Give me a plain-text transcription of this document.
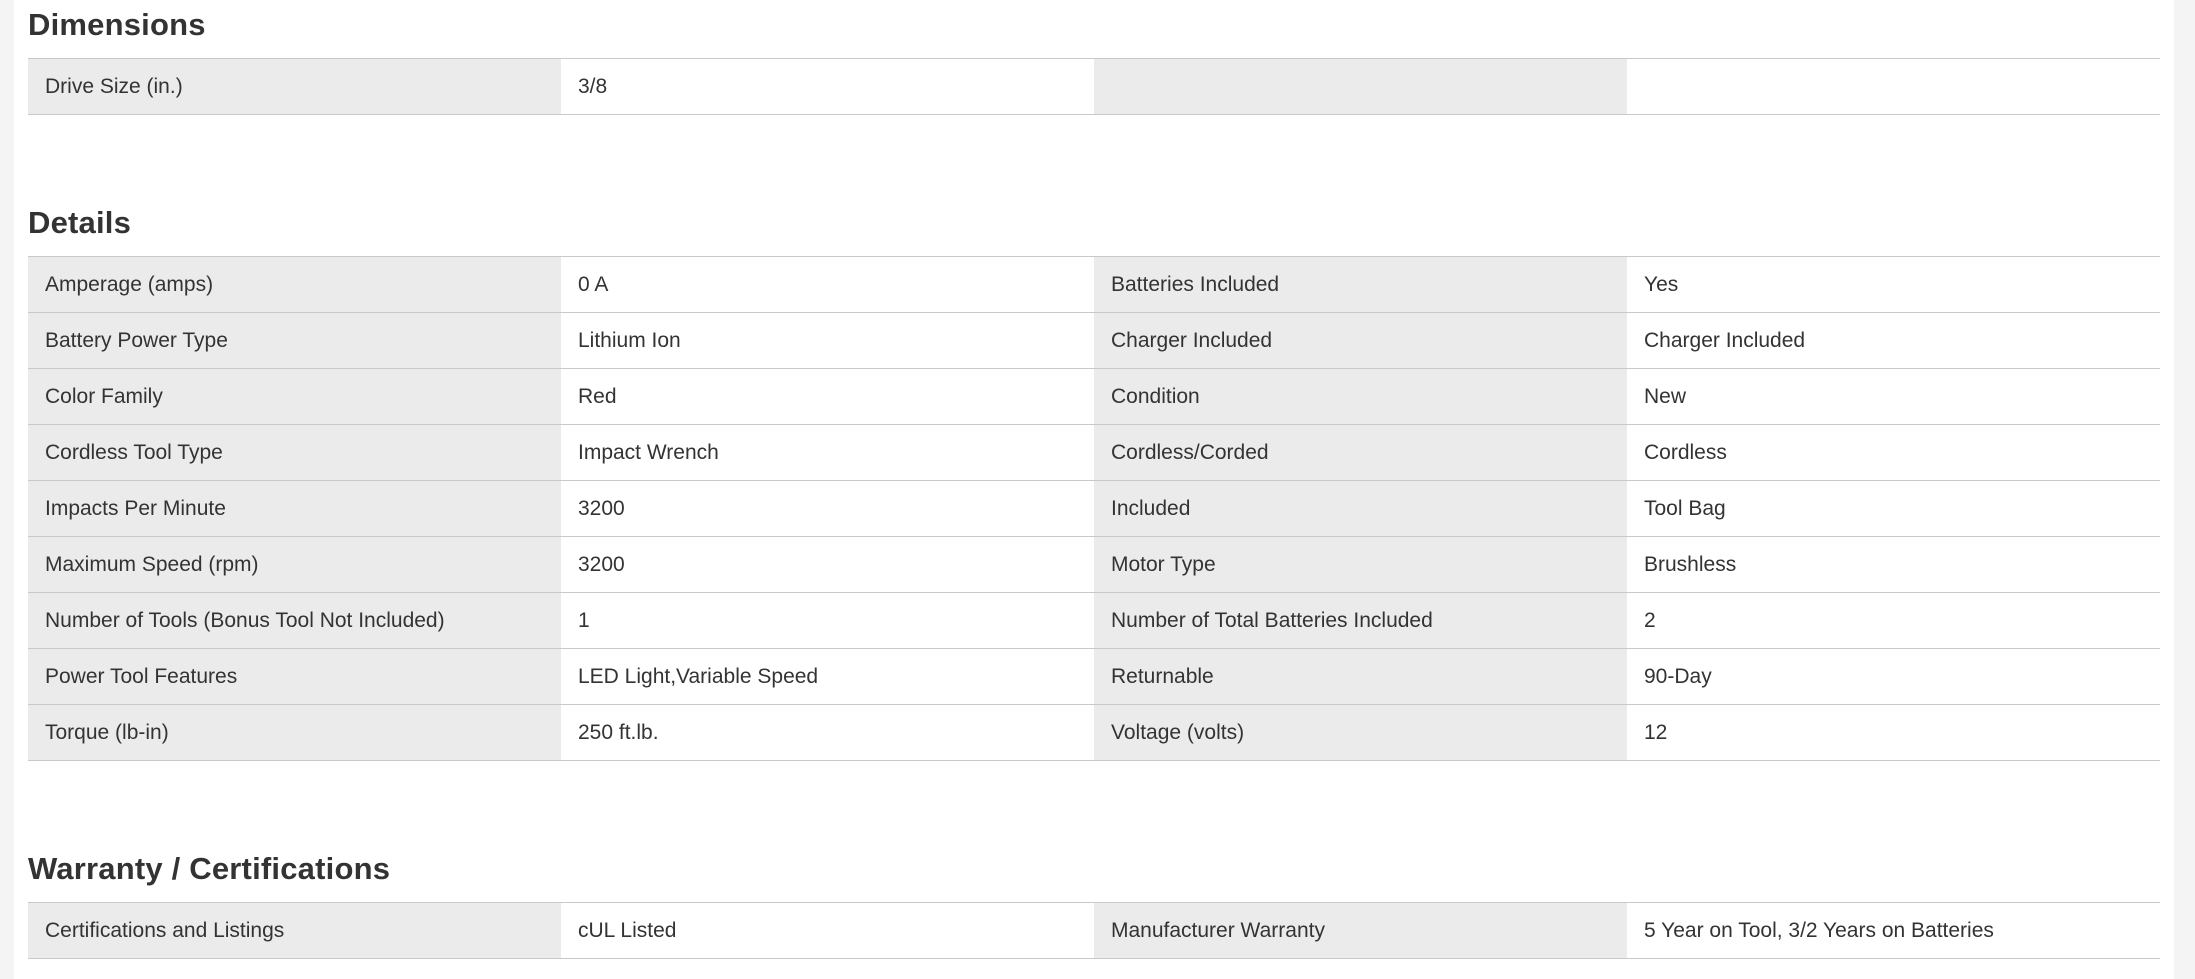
Dimensions
Drive Size (in.)	3/8		
Details
Amperage (amps)	0 A	Batteries Included	Yes
Battery Power Type	Lithium Ion	Charger Included	Charger Included
Color Family	Red	Condition	New
Cordless Tool Type	Impact Wrench	Cordless/Corded	Cordless
Impacts Per Minute	3200	Included	Tool Bag
Maximum Speed (rpm)	3200	Motor Type	Brushless
Number of Tools (Bonus Tool Not Included)	1	Number of Total Batteries Included	2
Power Tool Features	LED Light,Variable Speed	Returnable	90-Day
Torque (lb-in)	250 ft.lb.	Voltage (volts)	12
Warranty / Certifications
Certifications and Listings	cUL Listed	Manufacturer Warranty	5 Year on Tool, 3/2 Years on Batteries
